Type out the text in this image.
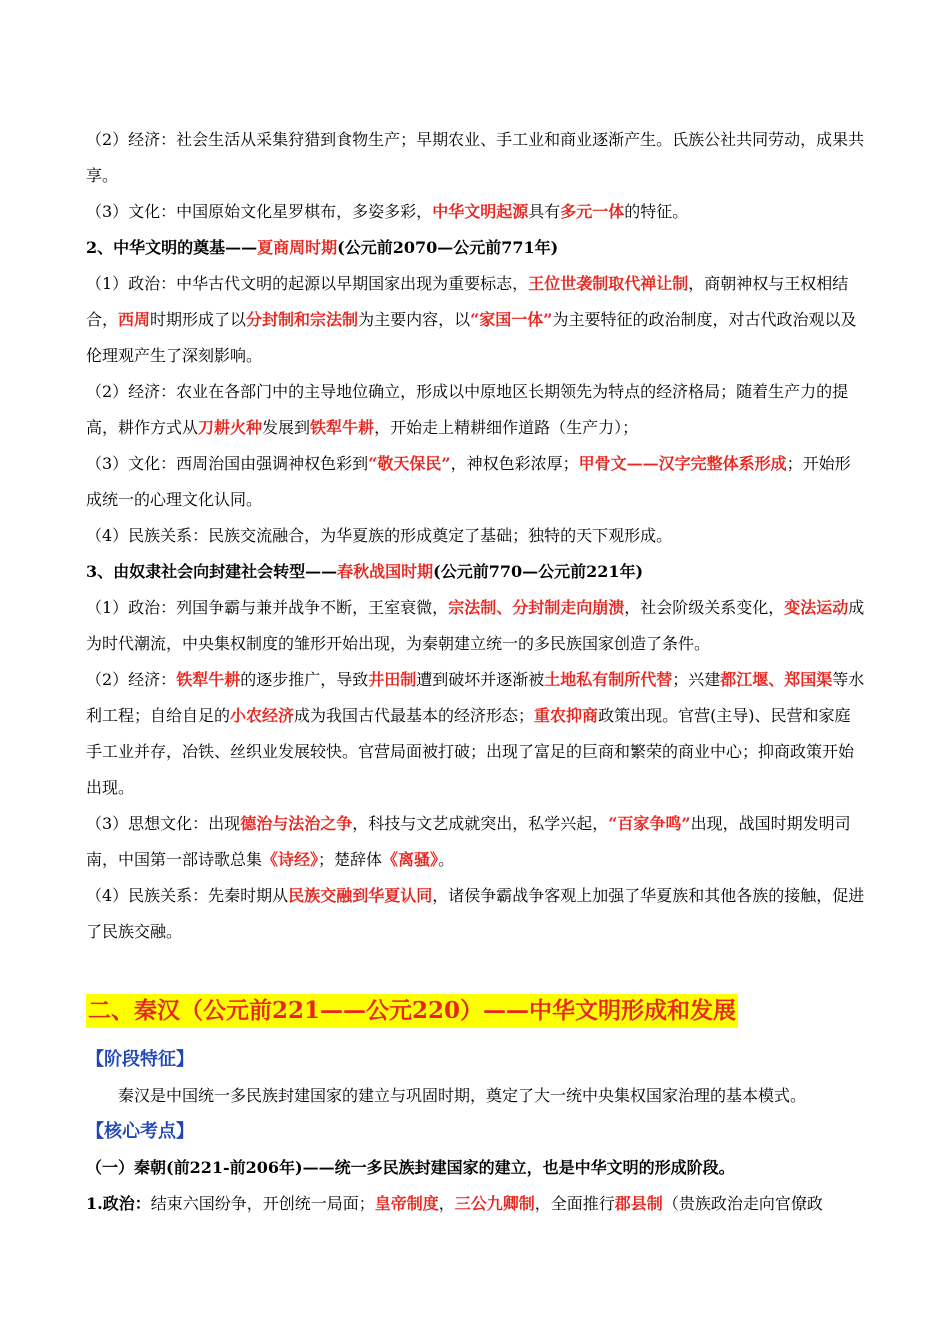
（2）经济：社会生活从采集狩猎到食物生产；早期农业、手工业和商业逐渐产生。氏族公社共同劳动，成果共享。

（3）文化：中国原始文化星罗棋布，多姿多彩，中华文明起源具有多元一体的特征。

2、中华文明的奠基——夏商周时期(公元前2070—公元前771年)

（1）政治：中华古代文明的起源以早期国家出现为重要标志，王位世袭制取代禅让制，商朝神权与王权相结合，西周时期形成了以分封制和宗法制为主要内容，以“家国一体”为主要特征的政治制度，对古代政治观以及伦理观产生了深刻影响。

（2）经济：农业在各部门中的主导地位确立，形成以中原地区长期领先为特点的经济格局；随着生产力的提高，耕作方式从刀耕火种发展到铁犁牛耕，开始走上精耕细作道路（生产力）；

（3）文化：西周治国由强调神权色彩到“敬天保民”，神权色彩浓厚；甲骨文——汉字完整体系形成；开始形成统一的心理文化认同。

（4）民族关系：民族交流融合，为华夏族的形成奠定了基础；独特的天下观形成。

3、由奴隶社会向封建社会转型——春秋战国时期(公元前770—公元前221年)

（1）政治：列国争霸与兼并战争不断，王室衰微，宗法制、分封制走向崩溃，社会阶级关系变化，变法运动成为时代潮流，中央集权制度的雏形开始出现，为秦朝建立统一的多民族国家创造了条件。

（2）经济：铁犁牛耕的逐步推广，导致井田制遭到破坏并逐渐被土地私有制所代替；兴建都江堰、郑国渠等水利工程；自给自足的小农经济成为我国古代最基本的经济形态；重农抑商政策出现。官营(主导)、民营和家庭手工业并存，冶铁、丝织业发展较快。官营局面被打破；出现了富足的巨商和繁荣的商业中心；抑商政策开始出现。

（3）思想文化：出现德治与法治之争，科技与文艺成就突出，私学兴起，“百家争鸣”出现，战国时期发明司南，中国第一部诗歌总集《诗经》；楚辞体《离骚》。

（4）民族关系：先秦时期从民族交融到华夏认同，诸侯争霸战争客观上加强了华夏族和其他各族的接触，促进了民族交融。

二、秦汉（公元前221——公元220）——中华文明形成和发展
【阶段特征】

秦汉是中国统一多民族封建国家的建立与巩固时期，奠定了大一统中央集权国家治理的基本模式。

【核心考点】

（一）秦朝(前221-前206年)——统一多民族封建国家的建立，也是中华文明的形成阶段。

1.政治：结束六国纷争，开创统一局面；皇帝制度，三公九卿制，全面推行郡县制（贵族政治走向官僚政
